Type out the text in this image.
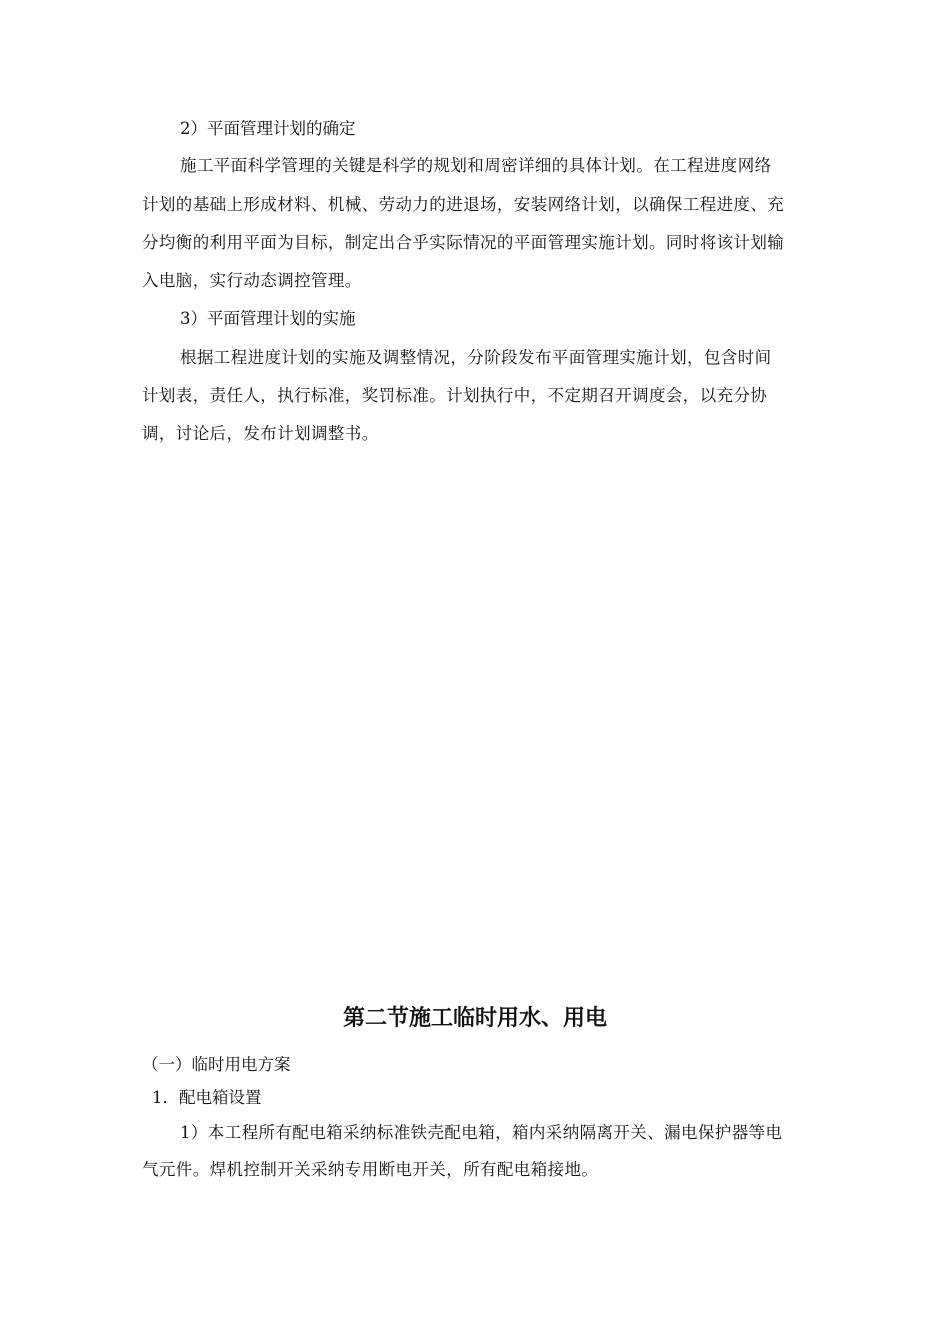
2）平面管理计划的确定

施工平面科学管理的关键是科学的规划和周密详细的具体计划。在工程进度网络

计划的基础上形成材料、机械、劳动力的进退场，安装网络计划，以确保工程进度、充

分均衡的利用平面为目标，制定出合乎实际情况的平面管理实施计划。同时将该计划输

入电脑，实行动态调控管理。

3）平面管理计划的实施

根据工程进度计划的实施及调整情况，分阶段发布平面管理实施计划，包含时间

计划表，责任人，执行标准，奖罚标准。计划执行中，不定期召开调度会，以充分协

调，讨论后，发布计划调整书。

第二节施工临时用水、用电

（一）临时用电方案

1．配电箱设置

1）本工程所有配电箱采纳标准铁壳配电箱，箱内采纳隔离开关、漏电保护器等电

气元件。焊机控制开关采纳专用断电开关，所有配电箱接地。
